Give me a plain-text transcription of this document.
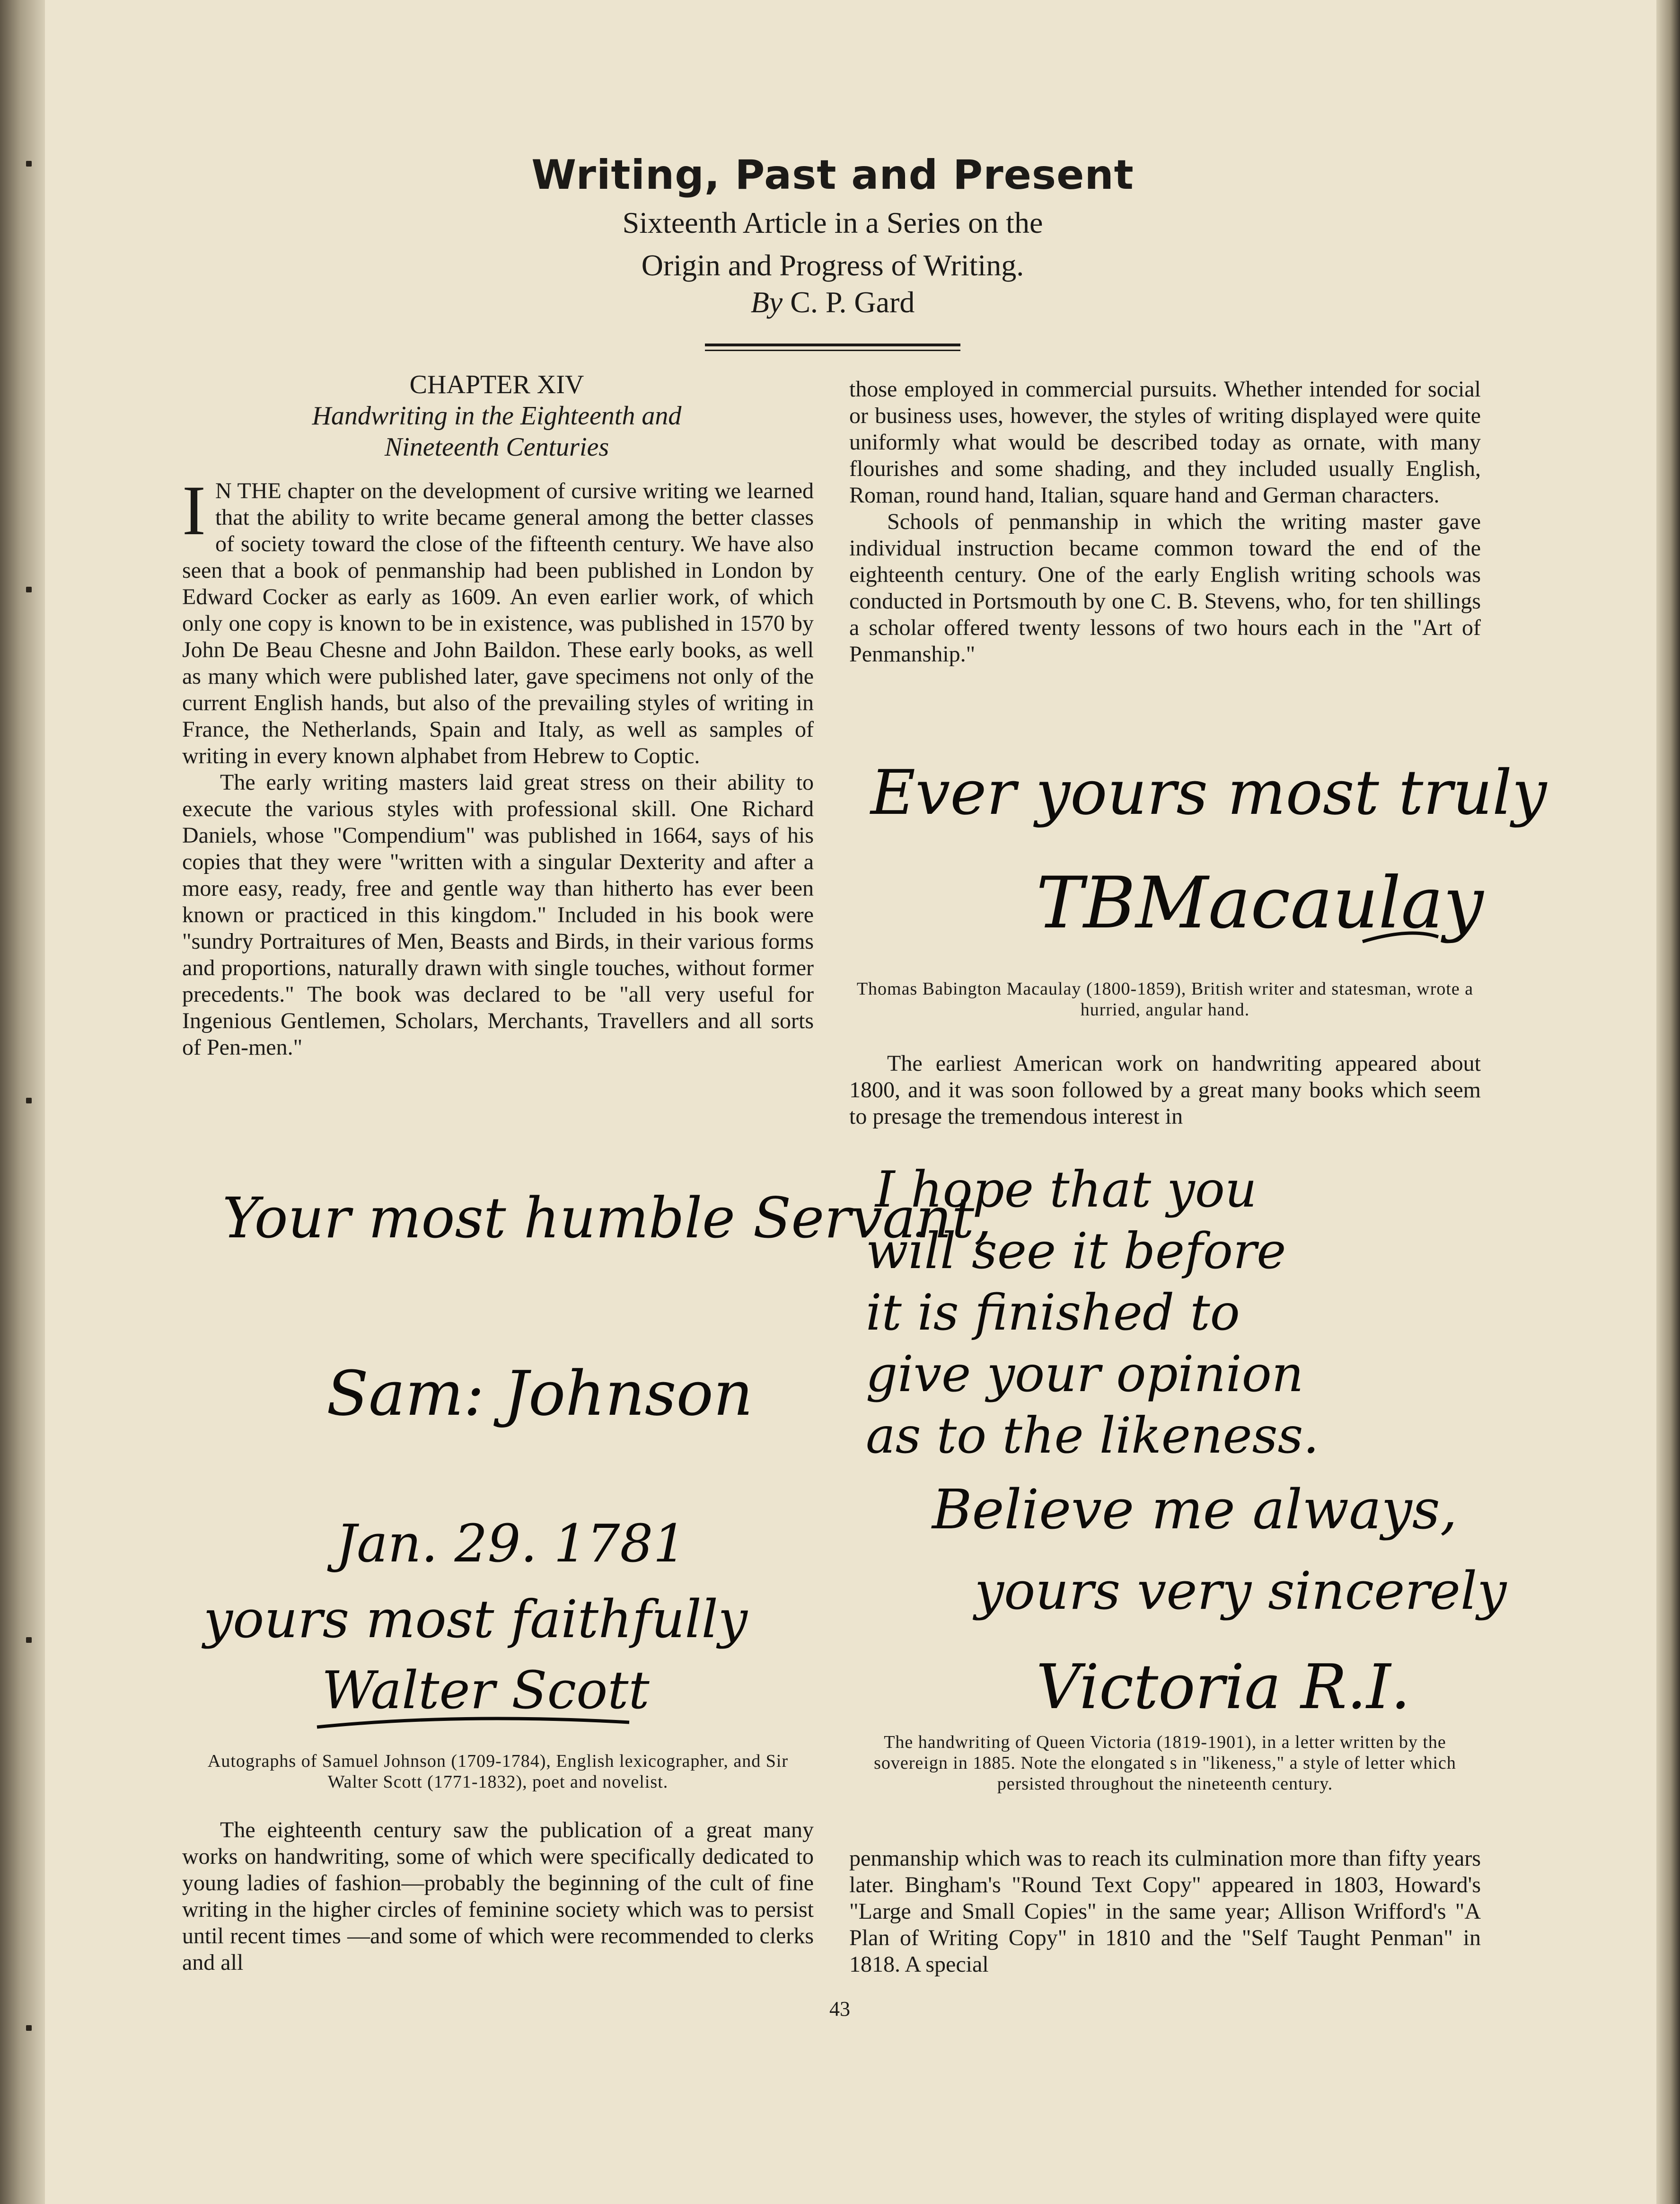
Writing, Past and Present
Sixteenth Article in a Series on the
Origin and Progress of Writing.
By C. P. Gard
CHAPTER XIV
Handwriting in the Eighteenth and
Nineteenth Centuries

I N THE chapter on the development of cursive writing we learned that the ability to write became general among the better classes of society toward the close of the fifteenth century. We have also seen that a book of penmanship had been published in London by Edward Cocker as early as 1609. An even earlier work, of which only one copy is known to be in existence, was published in 1570 by John De Beau Chesne and John Baildon. These early books, as well as many which were published later, gave specimens not only of the current English hands, but also of the prevailing styles of writing in France, the Netherlands, Spain and Italy, as well as samples of writing in every known alphabet from Hebrew to Coptic.

The early writing masters laid great stress on their ability to execute the various styles with professional skill. One Richard Daniels, whose "Compendium" was published in 1664, says of his copies that they were "written with a singular Dexterity and after a more easy, ready, free and gentle way than hitherto has ever been known or practiced in this kingdom." Included in his book were "sundry Portraitures of Men, Beasts and Birds, in their various forms and proportions, naturally drawn with single touches, without former precedents." The book was declared to be "all very useful for Ingenious Gentlemen, Scholars, Merchants, Travellers and all sorts of Pen-men."

Your most humble Servant,
Sam: Johnson
Jan. 29. 1781
yours most faithfully
Walter Scott
Autographs of Samuel Johnson (1709-1784), English lexicographer, and Sir Walter Scott (1771-1832), poet and novelist.

The eighteenth century saw the publication of a great many works on handwriting, some of which were specifically dedicated to young ladies of fashion—probably the beginning of the cult of fine writing in the higher circles of feminine society which was to persist until recent times —and some of which were recommended to clerks and all

those employed in commercial pursuits. Whether intended for social or business uses, however, the styles of writing displayed were quite uniformly what would be described today as ornate, with many flourishes and some shading, and they included usually English, Roman, round hand, Italian, square hand and German characters.

Schools of penmanship in which the writing master gave individual instruction became common toward the end of the eighteenth century. One of the early English writing schools was conducted in Portsmouth by one C. B. Stevens, who, for ten shillings a scholar offered twenty lessons of two hours each in the "Art of Penmanship."

Ever yours most truly
TBMacaulay
Thomas Babington Macaulay (1800-1859), British writer and statesman, wrote a hurried, angular hand.

The earliest American work on handwriting appeared about 1800, and it was soon followed by a great many books which seem to presage the tremendous interest in

I hope that you
will see it before
it is finished to
give your opinion
as to the likeness.
Believe me always,
yours very sincerely
Victoria R.I.
The handwriting of Queen Victoria (1819-1901), in a letter written by the sovereign in 1885. Note the elongated s in "likeness," a style of letter which persisted throughout the nineteenth century.

penmanship which was to reach its culmination more than fifty years later. Bingham's "Round Text Copy" appeared in 1803, Howard's "Large and Small Copies" in the same year; Allison Wrifford's "A Plan of Writing Copy" in 1810 and the "Self Taught Penman" in 1818. A special

43
